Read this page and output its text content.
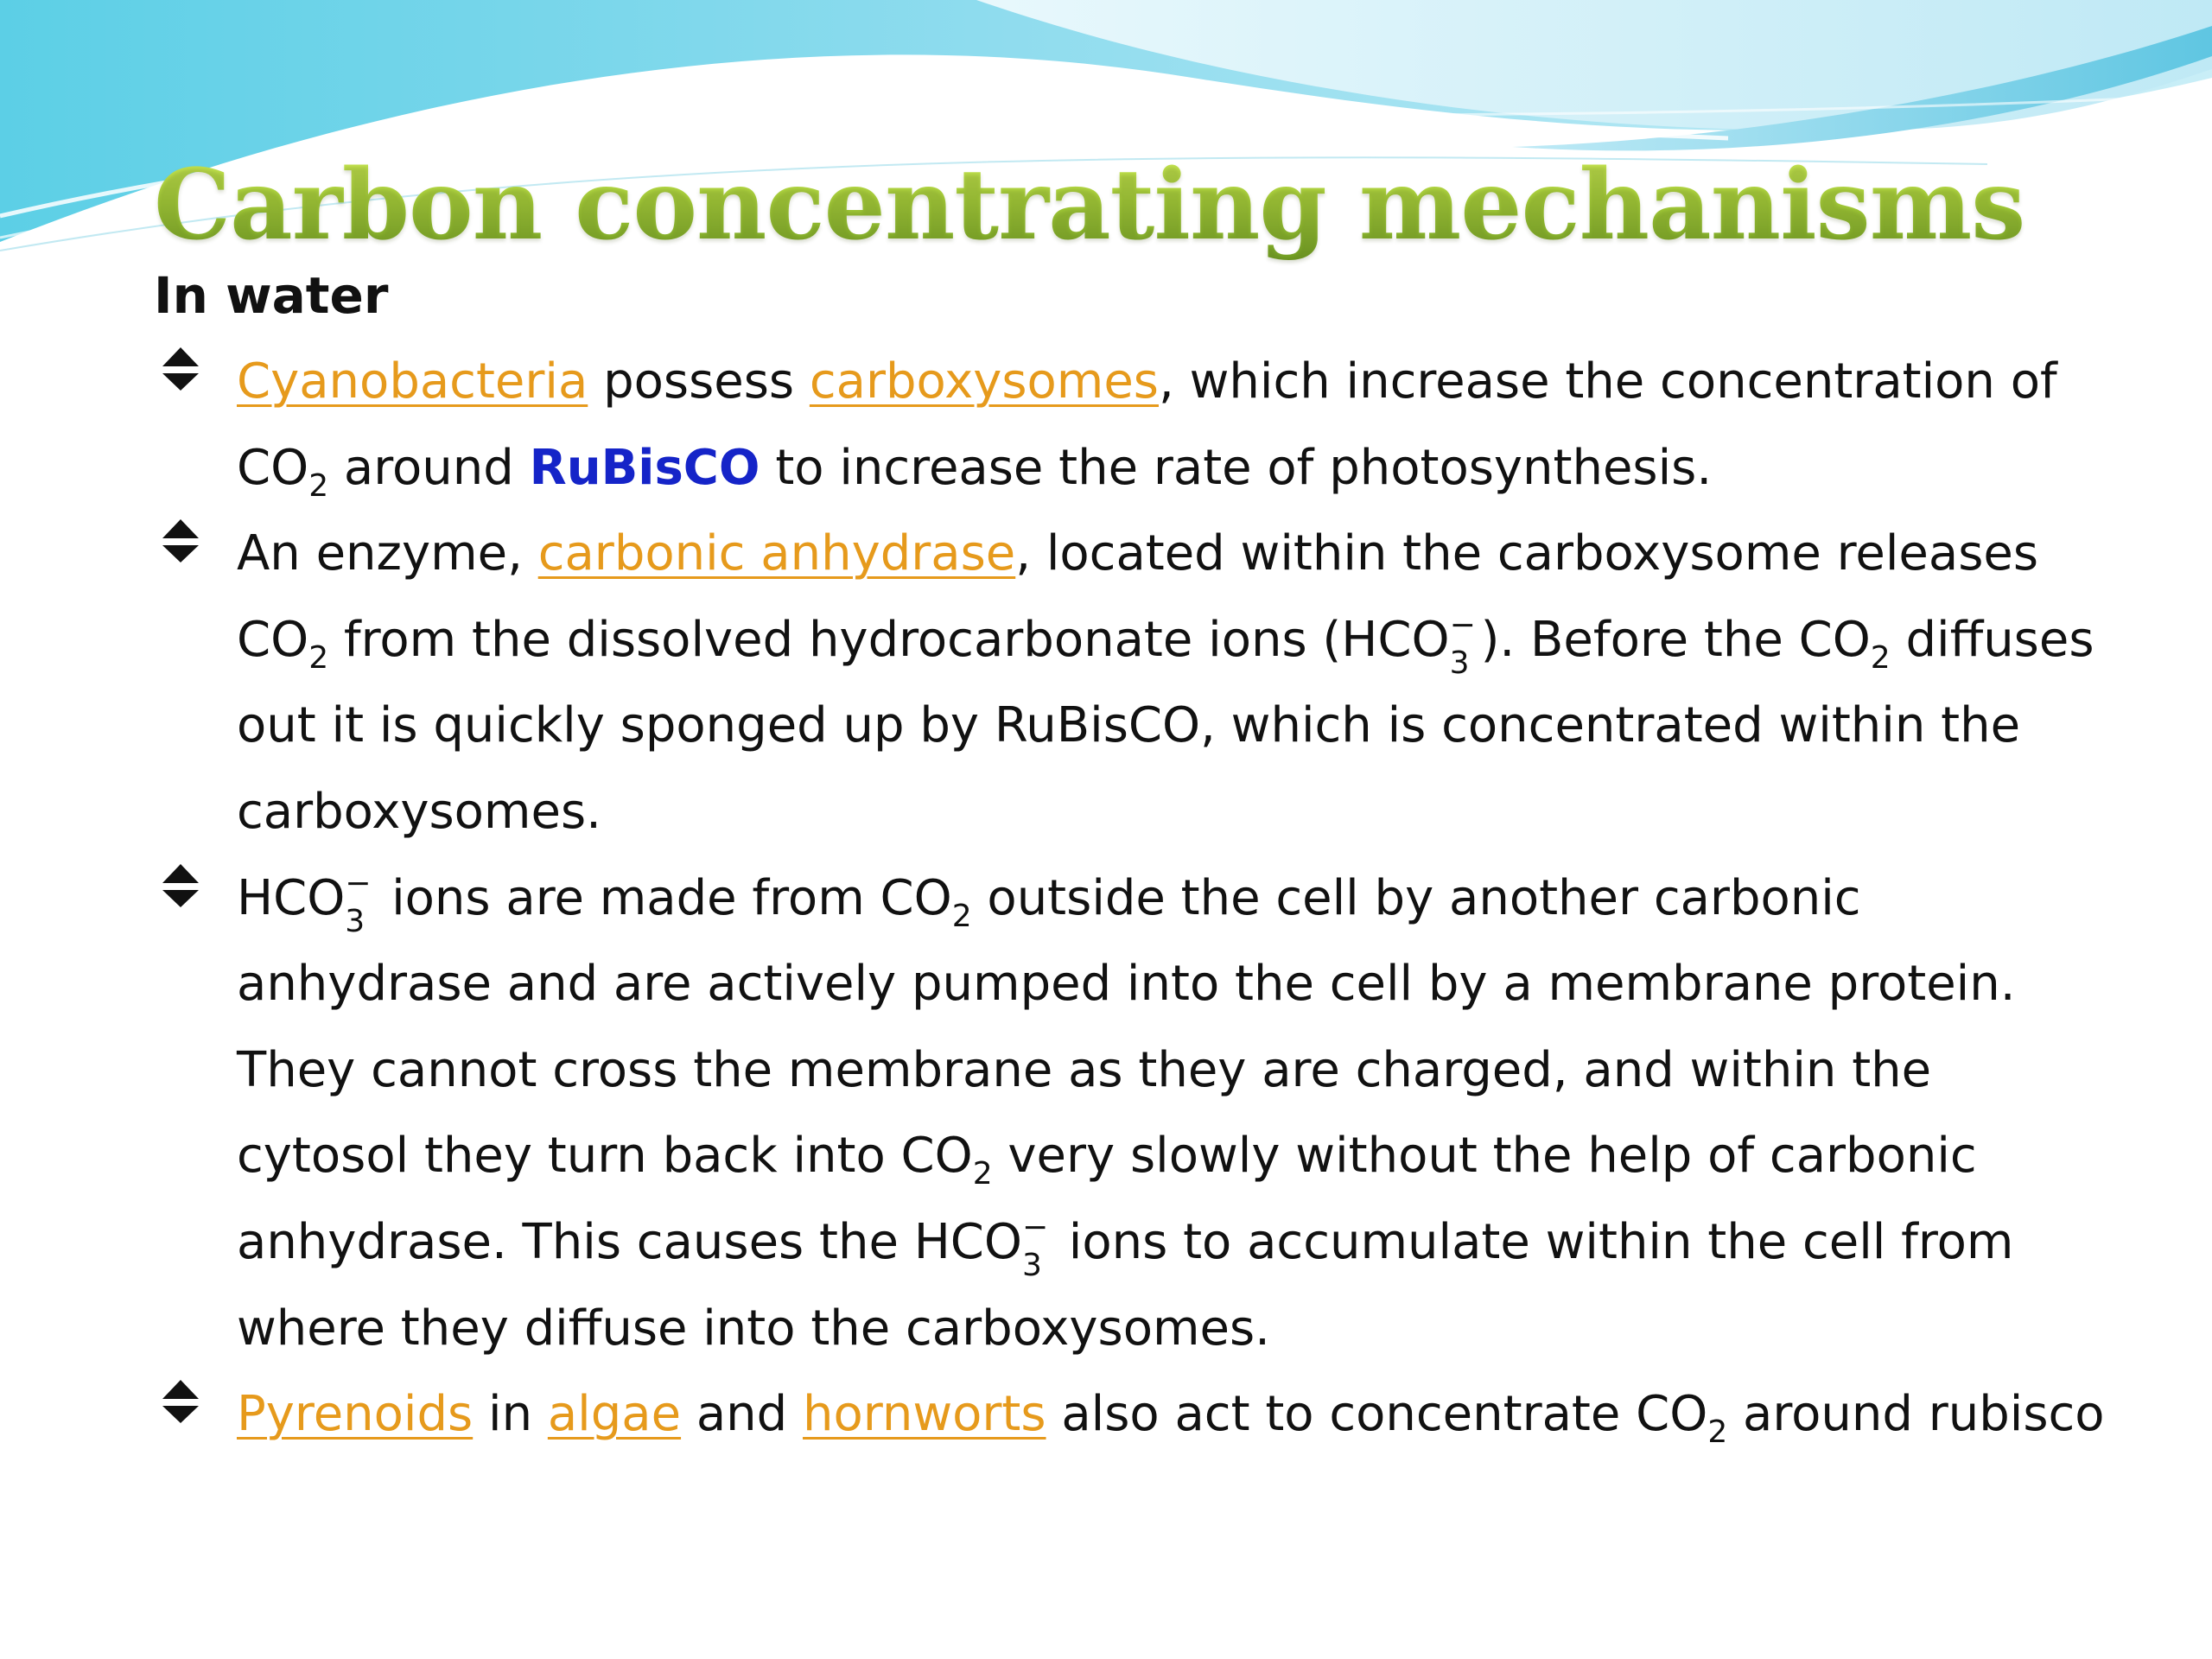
Carbon concentrating mechanisms
In water
Cyanobacteria possess carboxysomes, which increase the concentration of $CO_2$ around RuBisCO to increase the rate of photosynthesis.
An enzyme, carbonic anhydrase, located within the carboxysome releases $CO_2$ from the dissolved hydrocarbonate ions (HCO −
3 ). Before the $CO_2$ diffuses out it is quickly sponged up by RuBisCO, which is concentrated within the carboxysomes.
HCO −
3 ions are made from $CO_2$ outside the cell by another carbonic anhydrase and are actively pumped into the cell by a membrane protein. They cannot cross the membrane as they are charged, and within the cytosol they turn back into $CO_2$ very slowly without the help of carbonic anhydrase. This causes the HCO −
3 ions to accumulate within the cell from where they diffuse into the carboxysomes.
Pyrenoids in algae and hornworts also act to concentrate $CO_2$ around rubisco
